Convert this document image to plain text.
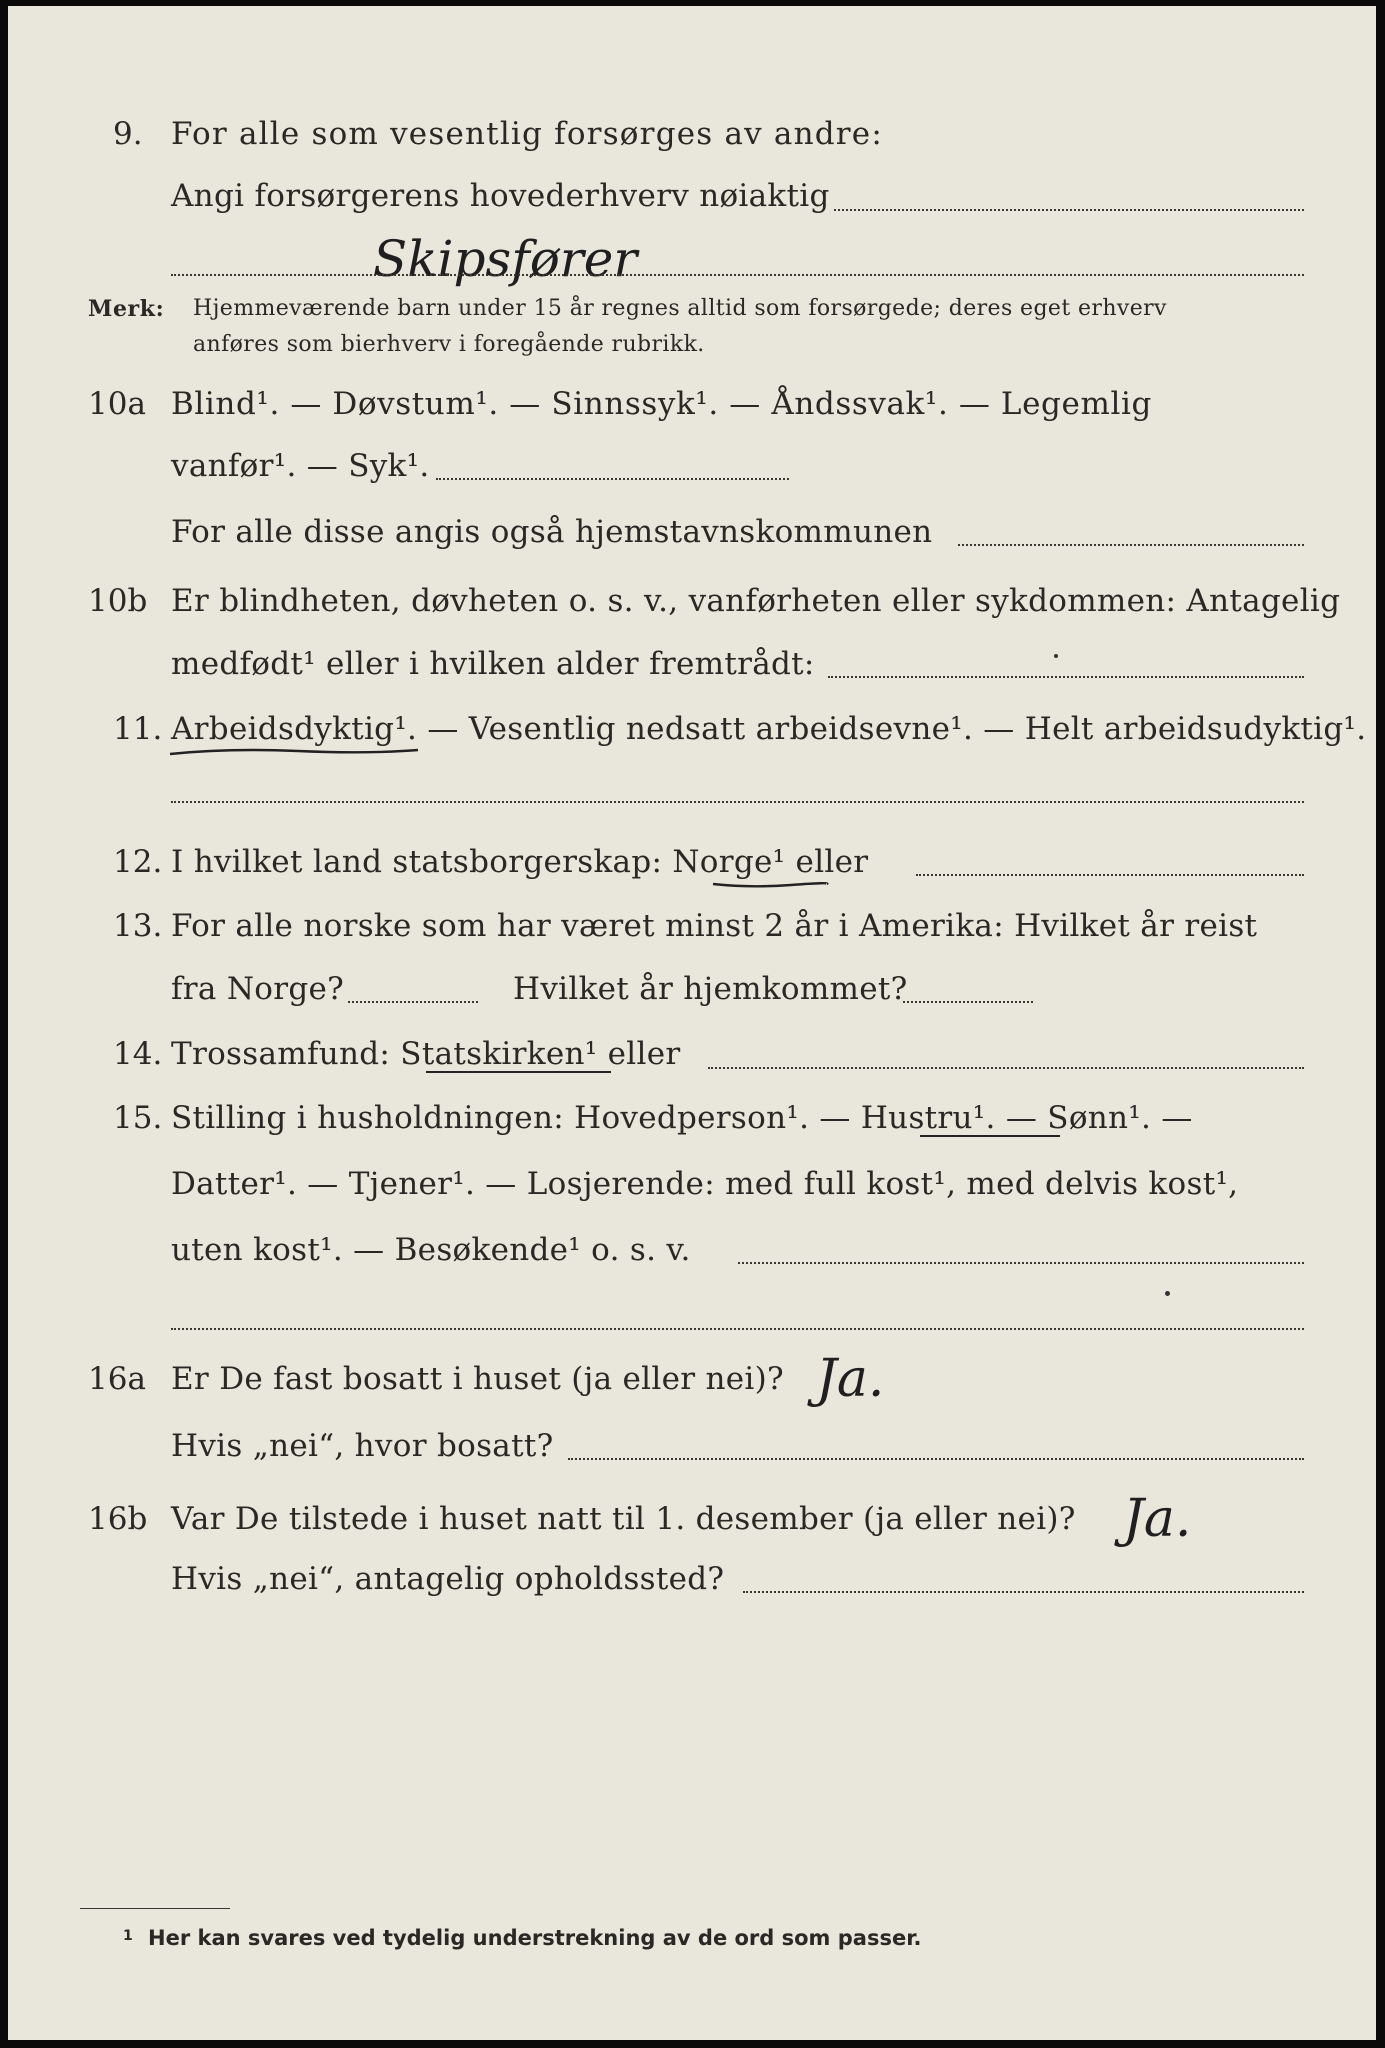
9. For alle som vesentlig forsørges av andre:
Angi forsørgerens hovederhverv nøiaktig
Skipsfører
Merk: Hjemmeværende barn under 15 år regnes alltid som forsørgede; deres eget erhverv
anføres som bierhverv i foregående rubrikk.
10a Blind¹. — Døvstum¹. — Sinnssyk¹. — Åndssvak¹. — Legemlig
vanfør¹. — Syk¹.
For alle disse angis også hjemstavnskommunen
10b Er blindheten, døvheten o. s. v., vanførheten eller sykdommen: Antagelig
medfødt¹ eller i hvilken alder fremtrådt:
11. Arbeidsdyktig¹. — Vesentlig nedsatt arbeidsevne¹. — Helt arbeidsudyktig¹.
12. I hvilket land statsborgerskap: Norge¹ eller
13. For alle norske som har været minst 2 år i Amerika: Hvilket år reist
fra Norge?	Hvilket år hjemkommet?
14. Trossamfund: Statskirken¹ eller
15. Stilling i husholdningen: Hovedperson¹. — Hustru¹. — Sønn¹. —
Datter¹. — Tjener¹. — Losjerende: med full kost¹, med delvis kost¹,
uten kost¹. — Besøkende¹ o. s. v.
16a Er De fast bosatt i huset (ja eller nei)? Ja.
Hvis „nei“, hvor bosatt?
16b Var De tilstede i huset natt til 1. desember (ja eller nei)? Ja.
Hvis „nei“, antagelig opholdssted?
1 Her kan svares ved tydelig understrekning av de ord som passer.
